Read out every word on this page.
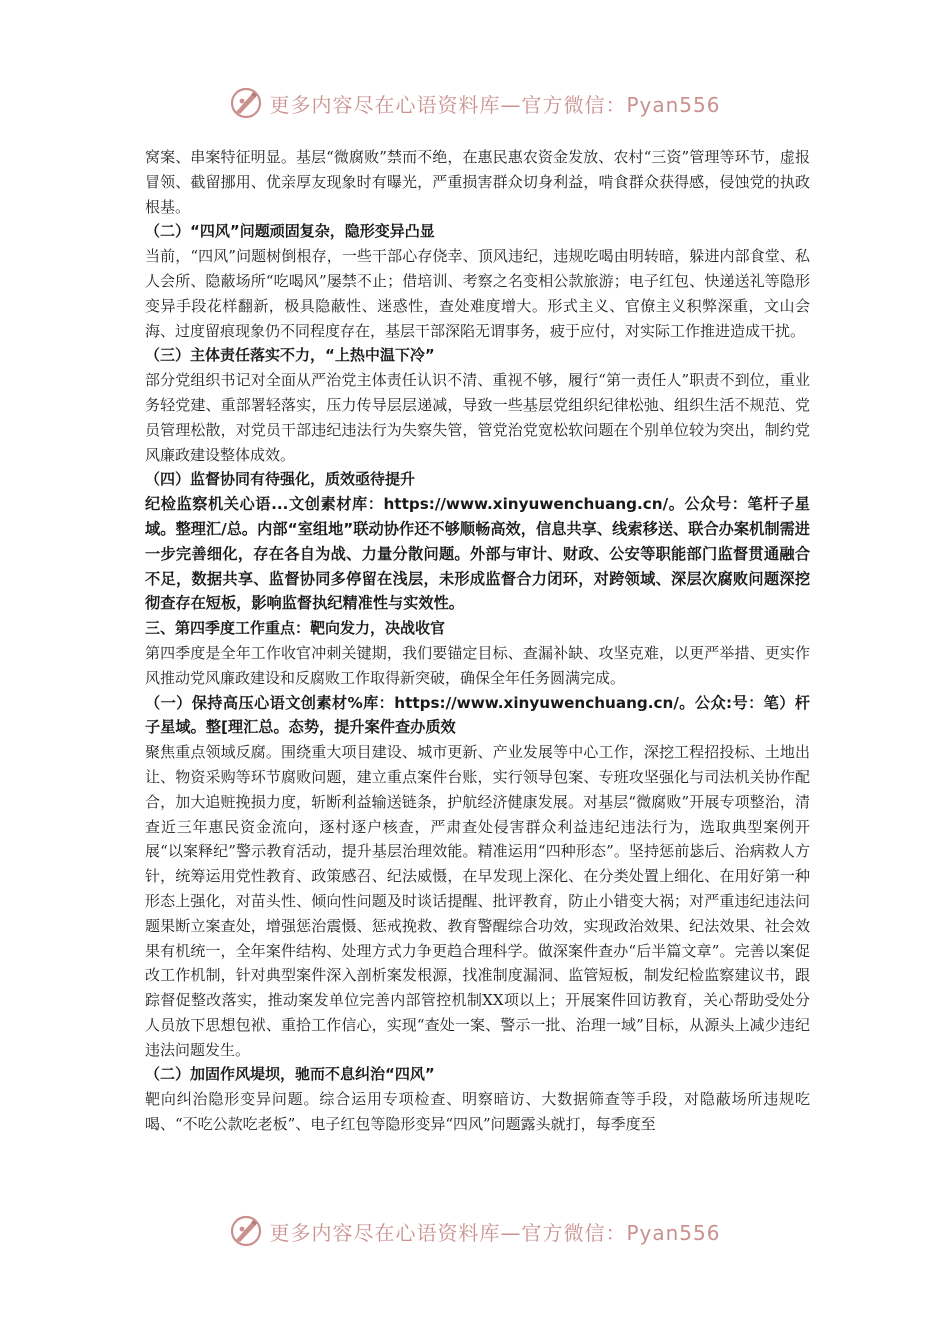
更多内容尽在心语资料库—官方微信：Pyan556

窝案、串案特征明显。基层“微腐败”禁而不绝，在惠民惠农资金发放、农村“三资”管理等环节，虚报冒领、截留挪用、优亲厚友现象时有曝光，严重损害群众切身利益，啃食群众获得感，侵蚀党的执政根基。

（二）“四风”问题顽固复杂，隐形变异凸显

当前，“四风”问题树倒根存，一些干部心存侥幸、顶风违纪，违规吃喝由明转暗，躲进内部食堂、私人会所、隐蔽场所“吃喝风”屡禁不止；借培训、考察之名变相公款旅游；电子红包、快递送礼等隐形变异手段花样翻新，极具隐蔽性、迷惑性，查处难度增大。形式主义、官僚主义积弊深重，文山会海、过度留痕现象仍不同程度存在，基层干部深陷无谓事务，疲于应付，对实际工作推进造成干扰。

（三）主体责任落实不力，“上热中温下冷”

部分党组织书记对全面从严治党主体责任认识不清、重视不够，履行“第一责任人”职责不到位，重业务轻党建、重部署轻落实，压力传导层层递减，导致一些基层党组织纪律松弛、组织生活不规范、党员管理松散，对党员干部违纪违法行为失察失管，管党治党宽松软问题在个别单位较为突出，制约党风廉政建设整体成效。

（四）监督协同有待强化，质效亟待提升

纪检监察机关心语...文创素材库：https://www.xinyuwenchuang.cn/。公众号：笔杆子星域。整理汇/总。内部“室组地”联动协作还不够顺畅高效，信息共享、线索移送、联合办案机制需进一步完善细化，存在各自为战、力量分散问题。外部与审计、财政、公安等职能部门监督贯通融合不足，数据共享、监督协同多停留在浅层，未形成监督合力闭环，对跨领域、深层次腐败问题深挖彻查存在短板，影响监督执纪精准性与实效性。

三、第四季度工作重点：靶向发力，决战收官

第四季度是全年工作收官冲刺关键期，我们要锚定目标、查漏补缺、攻坚克难，以更严举措、更实作风推动党风廉政建设和反腐败工作取得新突破，确保全年任务圆满完成。

（一）保持高压心语文创素材%库：https://www.xinyuwenchuang.cn/。公众:号：笔）杆子星域。整[理汇总。态势，提升案件查办质效

聚焦重点领域反腐。围绕重大项目建设、城市更新、产业发展等中心工作，深挖工程招投标、土地出让、物资采购等环节腐败问题，建立重点案件台账，实行领导包案、专班攻坚强化与司法机关协作配合，加大追赃挽损力度，斩断利益输送链条，护航经济健康发展。对基层“微腐败”开展专项整治，清查近三年惠民资金流向，逐村逐户核查，严肃查处侵害群众利益违纪违法行为，选取典型案例开展“以案释纪”警示教育活动，提升基层治理效能。精准运用“四种形态”。坚持惩前毖后、治病救人方针，统筹运用党性教育、政策感召、纪法威慑，在早发现上深化、在分类处置上细化、在用好第一种形态上强化，对苗头性、倾向性问题及时谈话提醒、批评教育，防止小错变大祸；对严重违纪违法问题果断立案查处，增强惩治震慑、惩戒挽救、教育警醒综合功效，实现政治效果、纪法效果、社会效果有机统一，全年案件结构、处理方式力争更趋合理科学。做深案件查办“后半篇文章”。完善以案促改工作机制，针对典型案件深入剖析案发根源，找准制度漏洞、监管短板，制发纪检监察建议书，跟踪督促整改落实，推动案发单位完善内部管控机制XX项以上；开展案件回访教育，关心帮助受处分人员放下思想包袱、重拾工作信心，实现“查处一案、警示一批、治理一域”目标，从源头上减少违纪违法问题发生。

（二）加固作风堤坝，驰而不息纠治“四风”

靶向纠治隐形变异问题。综合运用专项检查、明察暗访、大数据筛查等手段，对隐蔽场所违规吃喝、“不吃公款吃老板”、电子红包等隐形变异“四风”问题露头就打，每季度至

更多内容尽在心语资料库—官方微信：Pyan556
